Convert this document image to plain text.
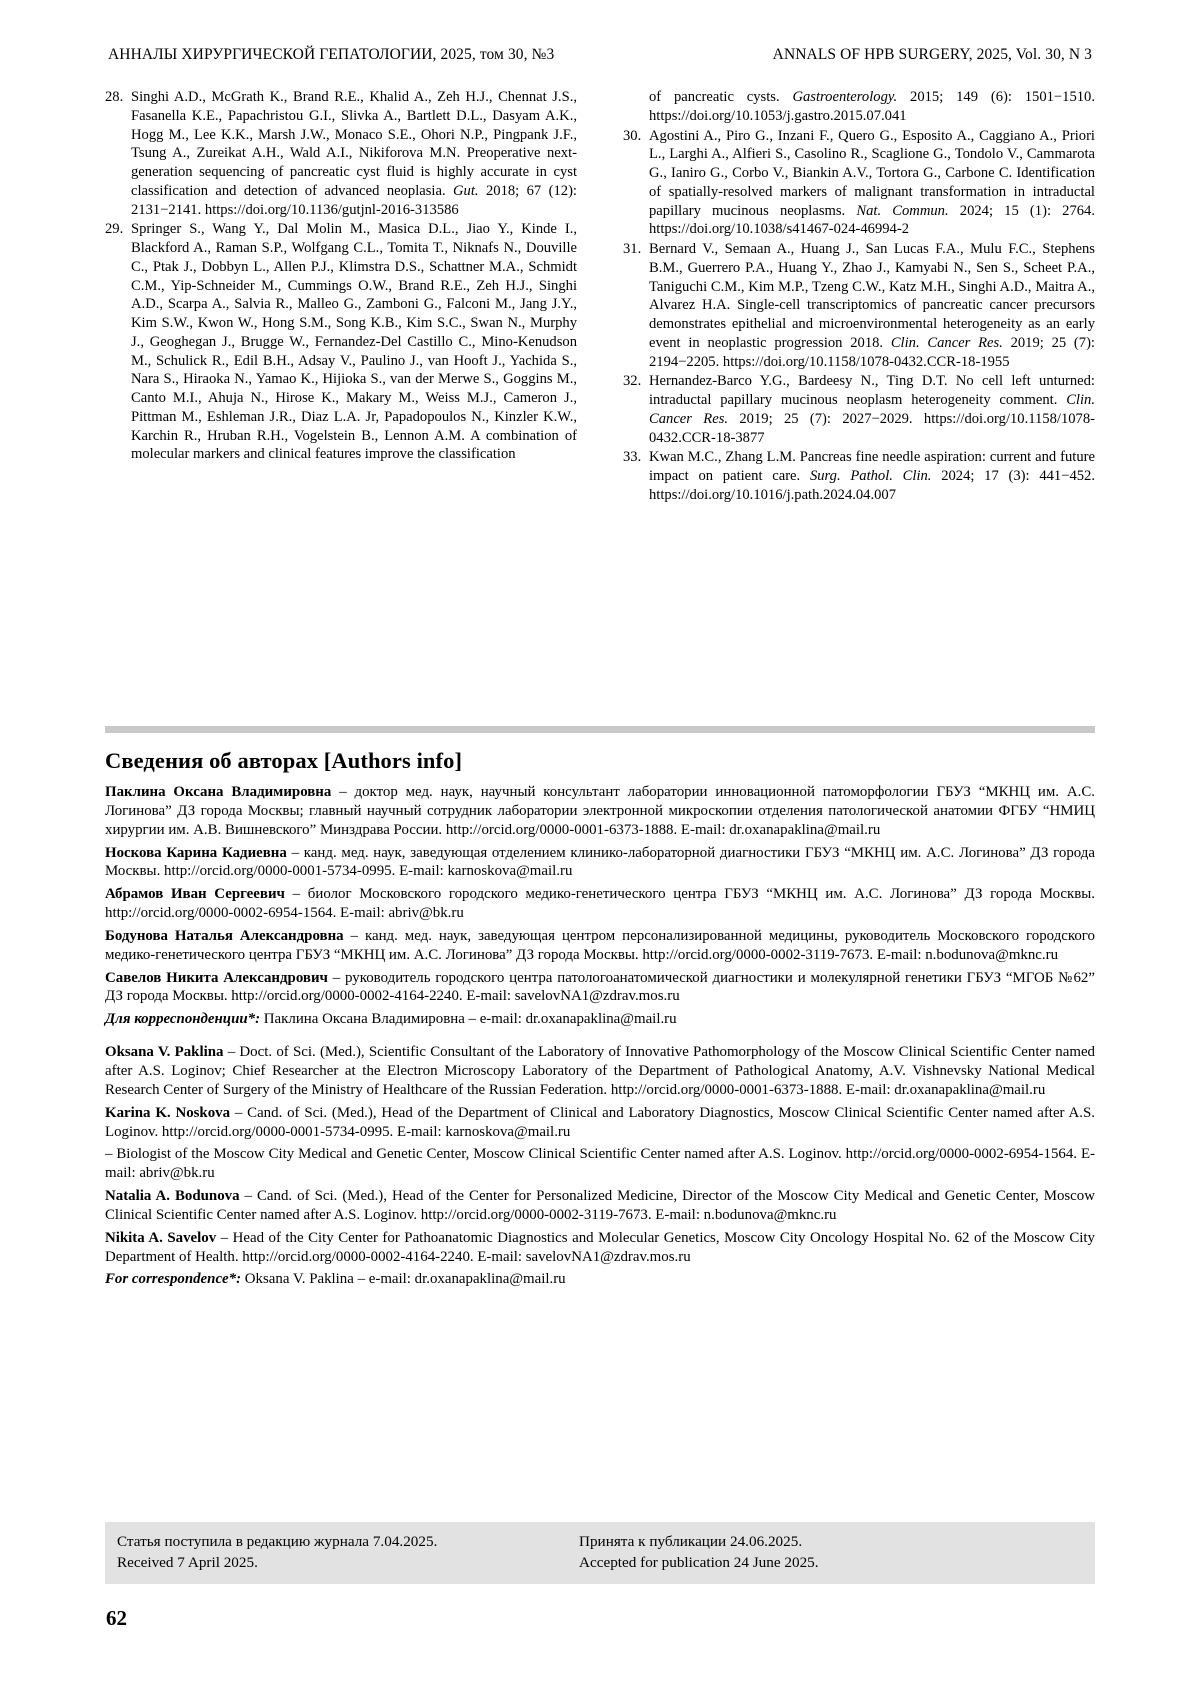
АННАЛЫ ХИРУРГИЧЕСКОЙ ГЕПАТОЛОГИИ, 2025, том 30, №3	ANNALS OF HPB SURGERY, 2025, Vol. 30, N 3
28. Singhi A.D., McGrath K., Brand R.E., Khalid A., Zeh H.J., Chennat J.S., Fasanella K.E., Papachristou G.I., Slivka A., Bartlett D.L., Dasyam A.K., Hogg M., Lee K.K., Marsh J.W., Monaco S.E., Ohori N.P., Pingpank J.F., Tsung A., Zureikat A.H., Wald A.I., Nikiforova M.N. Preoperative next-generation sequencing of pancreatic cyst fluid is highly accurate in cyst classification and detection of advanced neoplasia. Gut. 2018; 67 (12): 2131−2141. https://doi.org/10.1136/gutjnl-2016-313586
29. Springer S., Wang Y., Dal Molin M., Masica D.L., Jiao Y., Kinde I., Blackford A., Raman S.P., Wolfgang C.L., Tomita T., Niknafs N., Douville C., Ptak J., Dobbyn L., Allen P.J., Klimstra D.S., Schattner M.A., Schmidt C.M., Yip-Schneider M., Cummings O.W., Brand R.E., Zeh H.J., Singhi A.D., Scarpa A., Salvia R., Malleo G., Zamboni G., Falconi M., Jang J.Y., Kim S.W., Kwon W., Hong S.M., Song K.B., Kim S.C., Swan N., Murphy J., Geoghegan J., Brugge W., Fernandez-Del Castillo C., Mino-Kenudson M., Schulick R., Edil B.H., Adsay V., Paulino J., van Hooft J., Yachida S., Nara S., Hiraoka N., Yamao K., Hijioka S., van der Merwe S., Goggins M., Canto M.I., Ahuja N., Hirose K., Makary M., Weiss M.J., Cameron J., Pittman M., Eshleman J.R., Diaz L.A. Jr, Papadopoulos N., Kinzler K.W., Karchin R., Hruban R.H., Vogelstein B., Lennon A.M. A combination of molecular markers and clinical features improve the classification
of pancreatic cysts. Gastroenterology. 2015; 149 (6): 1501−1510. https://doi.org/10.1053/j.gastro.2015.07.041
30. Agostini A., Piro G., Inzani F., Quero G., Esposito A., Caggiano A., Priori L., Larghi A., Alfieri S., Casolino R., Scaglione G., Tondolo V., Cammarota G., Ianiro G., Corbo V., Biankin A.V., Tortora G., Carbone C. Identification of spatially-resolved markers of malignant transformation in intraductal papillary mucinous neoplasms. Nat. Commun. 2024; 15 (1): 2764. https://doi.org/10.1038/s41467-024-46994-2
31. Bernard V., Semaan A., Huang J., San Lucas F.A., Mulu F.C., Stephens B.M., Guerrero P.A., Huang Y., Zhao J., Kamyabi N., Sen S., Scheet P.A., Taniguchi C.M., Kim M.P., Tzeng C.W., Katz M.H., Singhi A.D., Maitra A., Alvarez H.A. Single-cell transcriptomics of pancreatic cancer precursors demonstrates epithelial and microenvironmental heterogeneity as an early event in neoplastic progression 2018. Clin. Cancer Res. 2019; 25 (7): 2194−2205. https://doi.org/10.1158/1078-0432.CCR-18-1955
32. Hernandez-Barco Y.G., Bardeesy N., Ting D.T. No cell left unturned: intraductal papillary mucinous neoplasm heterogeneity comment. Clin. Cancer Res. 2019; 25 (7): 2027−2029. https://doi.org/10.1158/1078-0432.CCR-18-3877
33. Kwan M.C., Zhang L.M. Pancreas fine needle aspiration: current and future impact on patient care. Surg. Pathol. Clin. 2024; 17 (3): 441−452. https://doi.org/10.1016/j.path.2024.04.007
Сведения об авторах [Authors info]

Паклина Оксана Владимировна – доктор мед. наук, научный консультант лаборатории инновационной патоморфологии ГБУЗ “МКНЦ им. А.С. Логинова” ДЗ города Москвы; главный научный сотрудник лаборатории электронной микроскопии отделения патологической анатомии ФГБУ “НМИЦ хирургии им. А.В. Вишневского” Минздрава России. http://orcid.org/0000-0001-6373-1888. E-mail: dr.oxanapaklina@mail.ru

Носкова Карина Кадиевна – канд. мед. наук, заведующая отделением клинико-лабораторной диагностики ГБУЗ “МКНЦ им. А.С. Логинова” ДЗ города Москвы. http://orcid.org/0000-0001-5734-0995. E-mail: karnoskova@mail.ru

Абрамов Иван Сергеевич – биолог Московского городского медико-генетического центра ГБУЗ “МКНЦ им. А.С. Логинова” ДЗ города Москвы. http://orcid.org/0000-0002-6954-1564. E-mail: abriv@bk.ru

Бодунова Наталья Александровна – канд. мед. наук, заведующая центром персонализированной медицины, руководитель Московского городского медико-генетического центра ГБУЗ “МКНЦ им. А.С. Логинова” ДЗ города Москвы. http://orcid.org/0000-0002-3119-7673. E-mail: n.bodunova@mknc.ru

Савелов Никита Александрович – руководитель городского центра патологоанатомической диагностики и молекулярной генетики ГБУЗ “МГОБ №62” ДЗ города Москвы. http://orcid.org/0000-0002-4164-2240. E-mail: savelovNA1@zdrav.mos.ru

Для корреспонденции*: Паклина Оксана Владимировна – e-mail: dr.oxanapaklina@mail.ru

Oksana V. Paklina – Doct. of Sci. (Med.), Scientific Consultant of the Laboratory of Innovative Pathomorphology of the Moscow Clinical Scientific Center named after A.S. Loginov; Chief Researcher at the Electron Microscopy Laboratory of the Department of Pathological Anatomy, A.V. Vishnevsky National Medical Research Center of Surgery of the Ministry of Healthcare of the Russian Federation. http://orcid.org/0000-0001-6373-1888. E-mail: dr.oxanapaklina@mail.ru

Karina K. Noskova – Cand. of Sci. (Med.), Head of the Department of Clinical and Laboratory Diagnostics, Moscow Clinical Scientific Center named after A.S. Loginov. http://orcid.org/0000-0001-5734-0995. E-mail: karnoskova@mail.ru

– Biologist of the Moscow City Medical and Genetic Center, Moscow Clinical Scientific Center named after A.S. Loginov. http://orcid.org/0000-0002-6954-1564. E-mail: abriv@bk.ru

Natalia A. Bodunova – Cand. of Sci. (Med.), Head of the Center for Personalized Medicine, Director of the Moscow City Medical and Genetic Center, Moscow Clinical Scientific Center named after A.S. Loginov. http://orcid.org/0000-0002-3119-7673. E-mail: n.bodunova@mknc.ru

Nikita A. Savelov – Head of the City Center for Pathoanatomic Diagnostics and Molecular Genetics, Moscow City Oncology Hospital No. 62 of the Moscow City Department of Health. http://orcid.org/0000-0002-4164-2240. E-mail: savelovNA1@zdrav.mos.ru

For correspondence*: Oksana V. Paklina – e-mail: dr.oxanapaklina@mail.ru

Статья поступила в редакцию журнала 7.04.2025.
Received 7 April 2025.
Принята к публикации 24.06.2025.
Accepted for publication 24 June 2025.
62
